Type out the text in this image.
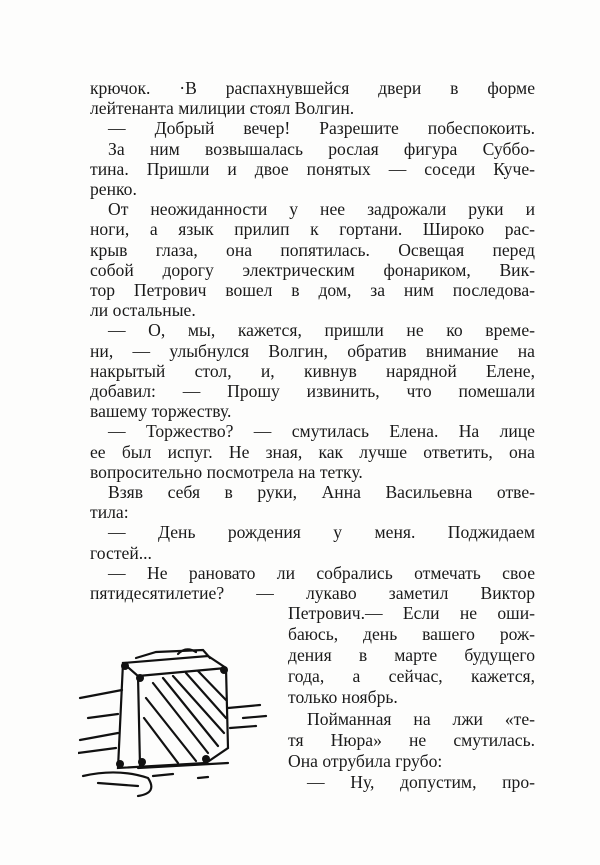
крючок. ·В распахнувшейся двери в форме
лейтенанта милиции стоял Волгин.
— Добрый вечер! Разрешите побеспокоить.
За ним возвышалась рослая фигура Суббо-
тина. Пришли и двое понятых — соседи Куче-
ренко.
От неожиданности у нее задрожали руки и
ноги, а язык прилип к гортани. Широко рас-
крыв глаза, она попятилась. Освещая перед
собой дорогу электрическим фонариком, Вик-
тор Петрович вошел в дом, за ним последова-
ли остальные.
— О, мы, кажется, пришли не ко време-
ни, — улыбнулся Волгин, обратив внимание на
накрытый стол, и, кивнув нарядной Елене,
добавил: — Прошу извинить, что помешали
вашему торжеству.
— Торжество? — смутилась Елена. На лице
ее был испуг. Не зная, как лучше ответить, она
вопросительно посмотрела на тетку.
Взяв себя в руки, Анна Васильевна отве-
тила:
— День рождения у меня. Поджидаем
гостей...
— Не рановато ли собрались отмечать свое
пятидесятилетие? — лукаво заметил Виктор
Петрович.— Если не оши-
баюсь, день вашего рож-
дения в марте будущего
года, а сейчас, кажется,
только ноябрь.
Пойманная на лжи «те-
тя Нюра» не смутилась.
Она отрубила грубо:
— Ну, допустим, про-
